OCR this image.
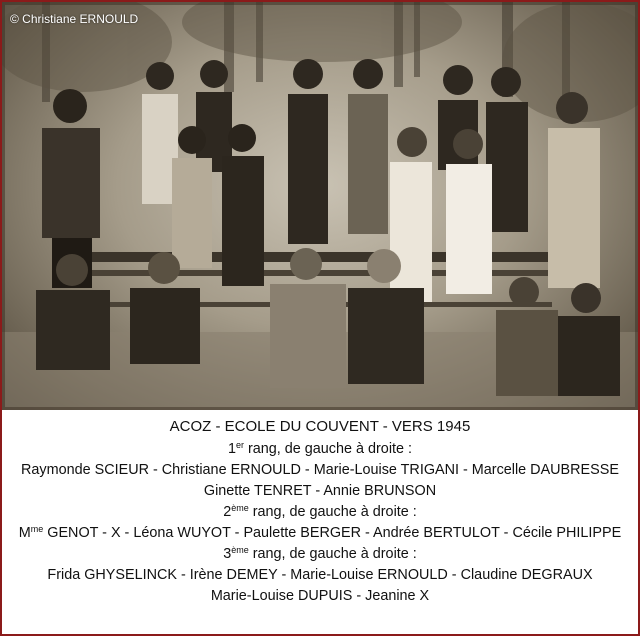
© Christiane ERNOULD
ACOZ - ECOLE DU COUVENT - VERS 1945
1er rang, de gauche à droite :
Raymonde SCIEUR - Christiane ERNOULD - Marie-Louise TRIGANI - Marcelle DAUBRESSE
Ginette TENRET - Annie BRUNSON
2ème rang, de gauche à droite :
$M^{me}$ GENOT - X - Léona WUYOT - Paulette BERGER - Andrée BERTULOT - Cécile PHILIPPE
3ème rang, de gauche à droite :
Frida GHYSELINCK - Irène DEMEY - Marie-Louise ERNOULD - Claudine DEGRAUX
Marie-Louise DUPUIS - Jeanine X
